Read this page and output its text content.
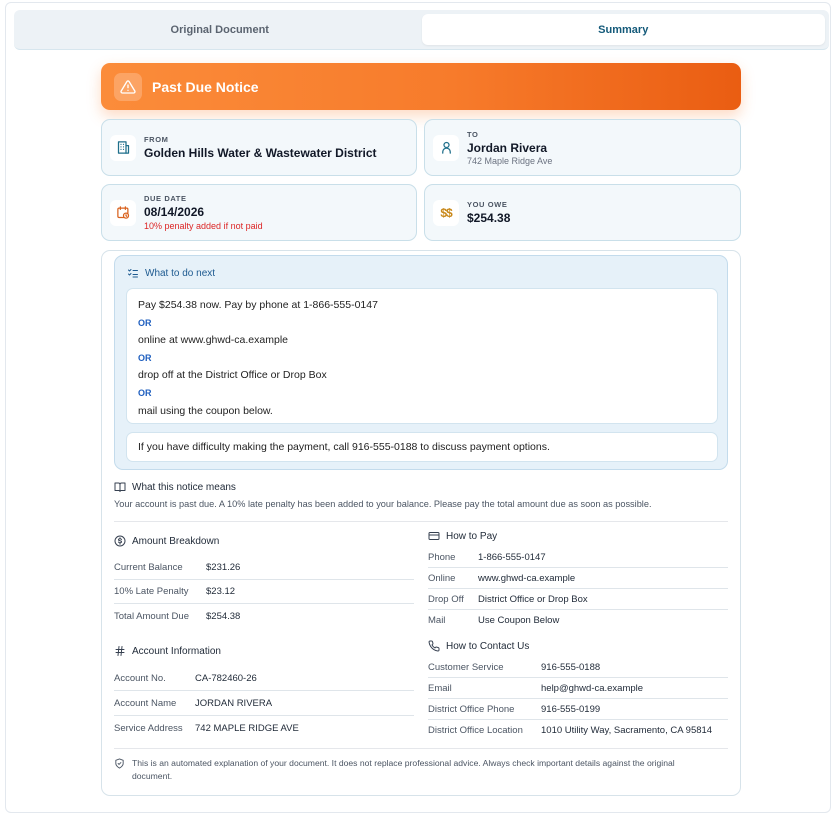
Original Document	Summary
Past Due Notice
FROM
Golden Hills Water & Wastewater District
TO
Jordan Rivera
742 Maple Ridge Ave
DUE DATE
08/14/2026
10% penalty added if not paid
$$
YOU OWE
$254.38
What to do next
Pay $254.38 now. Pay by phone at 1-866-555-0147
OR
online at www.ghwd-ca.example
OR
drop off at the District Office or Drop Box
OR
mail using the coupon below.
If you have difficulty making the payment, call 916-555-0188 to discuss payment options.
What this notice means
Your account is past due. A 10% late penalty has been added to your balance. Please pay the total amount due as soon as possible.
Amount Breakdown
Current Balance	$231.26
10% Late Penalty	$23.12
Total Amount Due	$254.38
Account Information
Account No.	CA-782460-26
Account Name	JORDAN RIVERA
Service Address	742 MAPLE RIDGE AVE
How to Pay
Phone	1-866-555-0147
Online	www.ghwd-ca.example
Drop Off	District Office or Drop Box
Mail	Use Coupon Below
How to Contact Us
Customer Service	916-555-0188
Email	help@ghwd-ca.example
District Office Phone	916-555-0199
District Office Location	1010 Utility Way, Sacramento, CA 95814
This is an automated explanation of your document. It does not replace professional advice. Always check important details against the original document.
